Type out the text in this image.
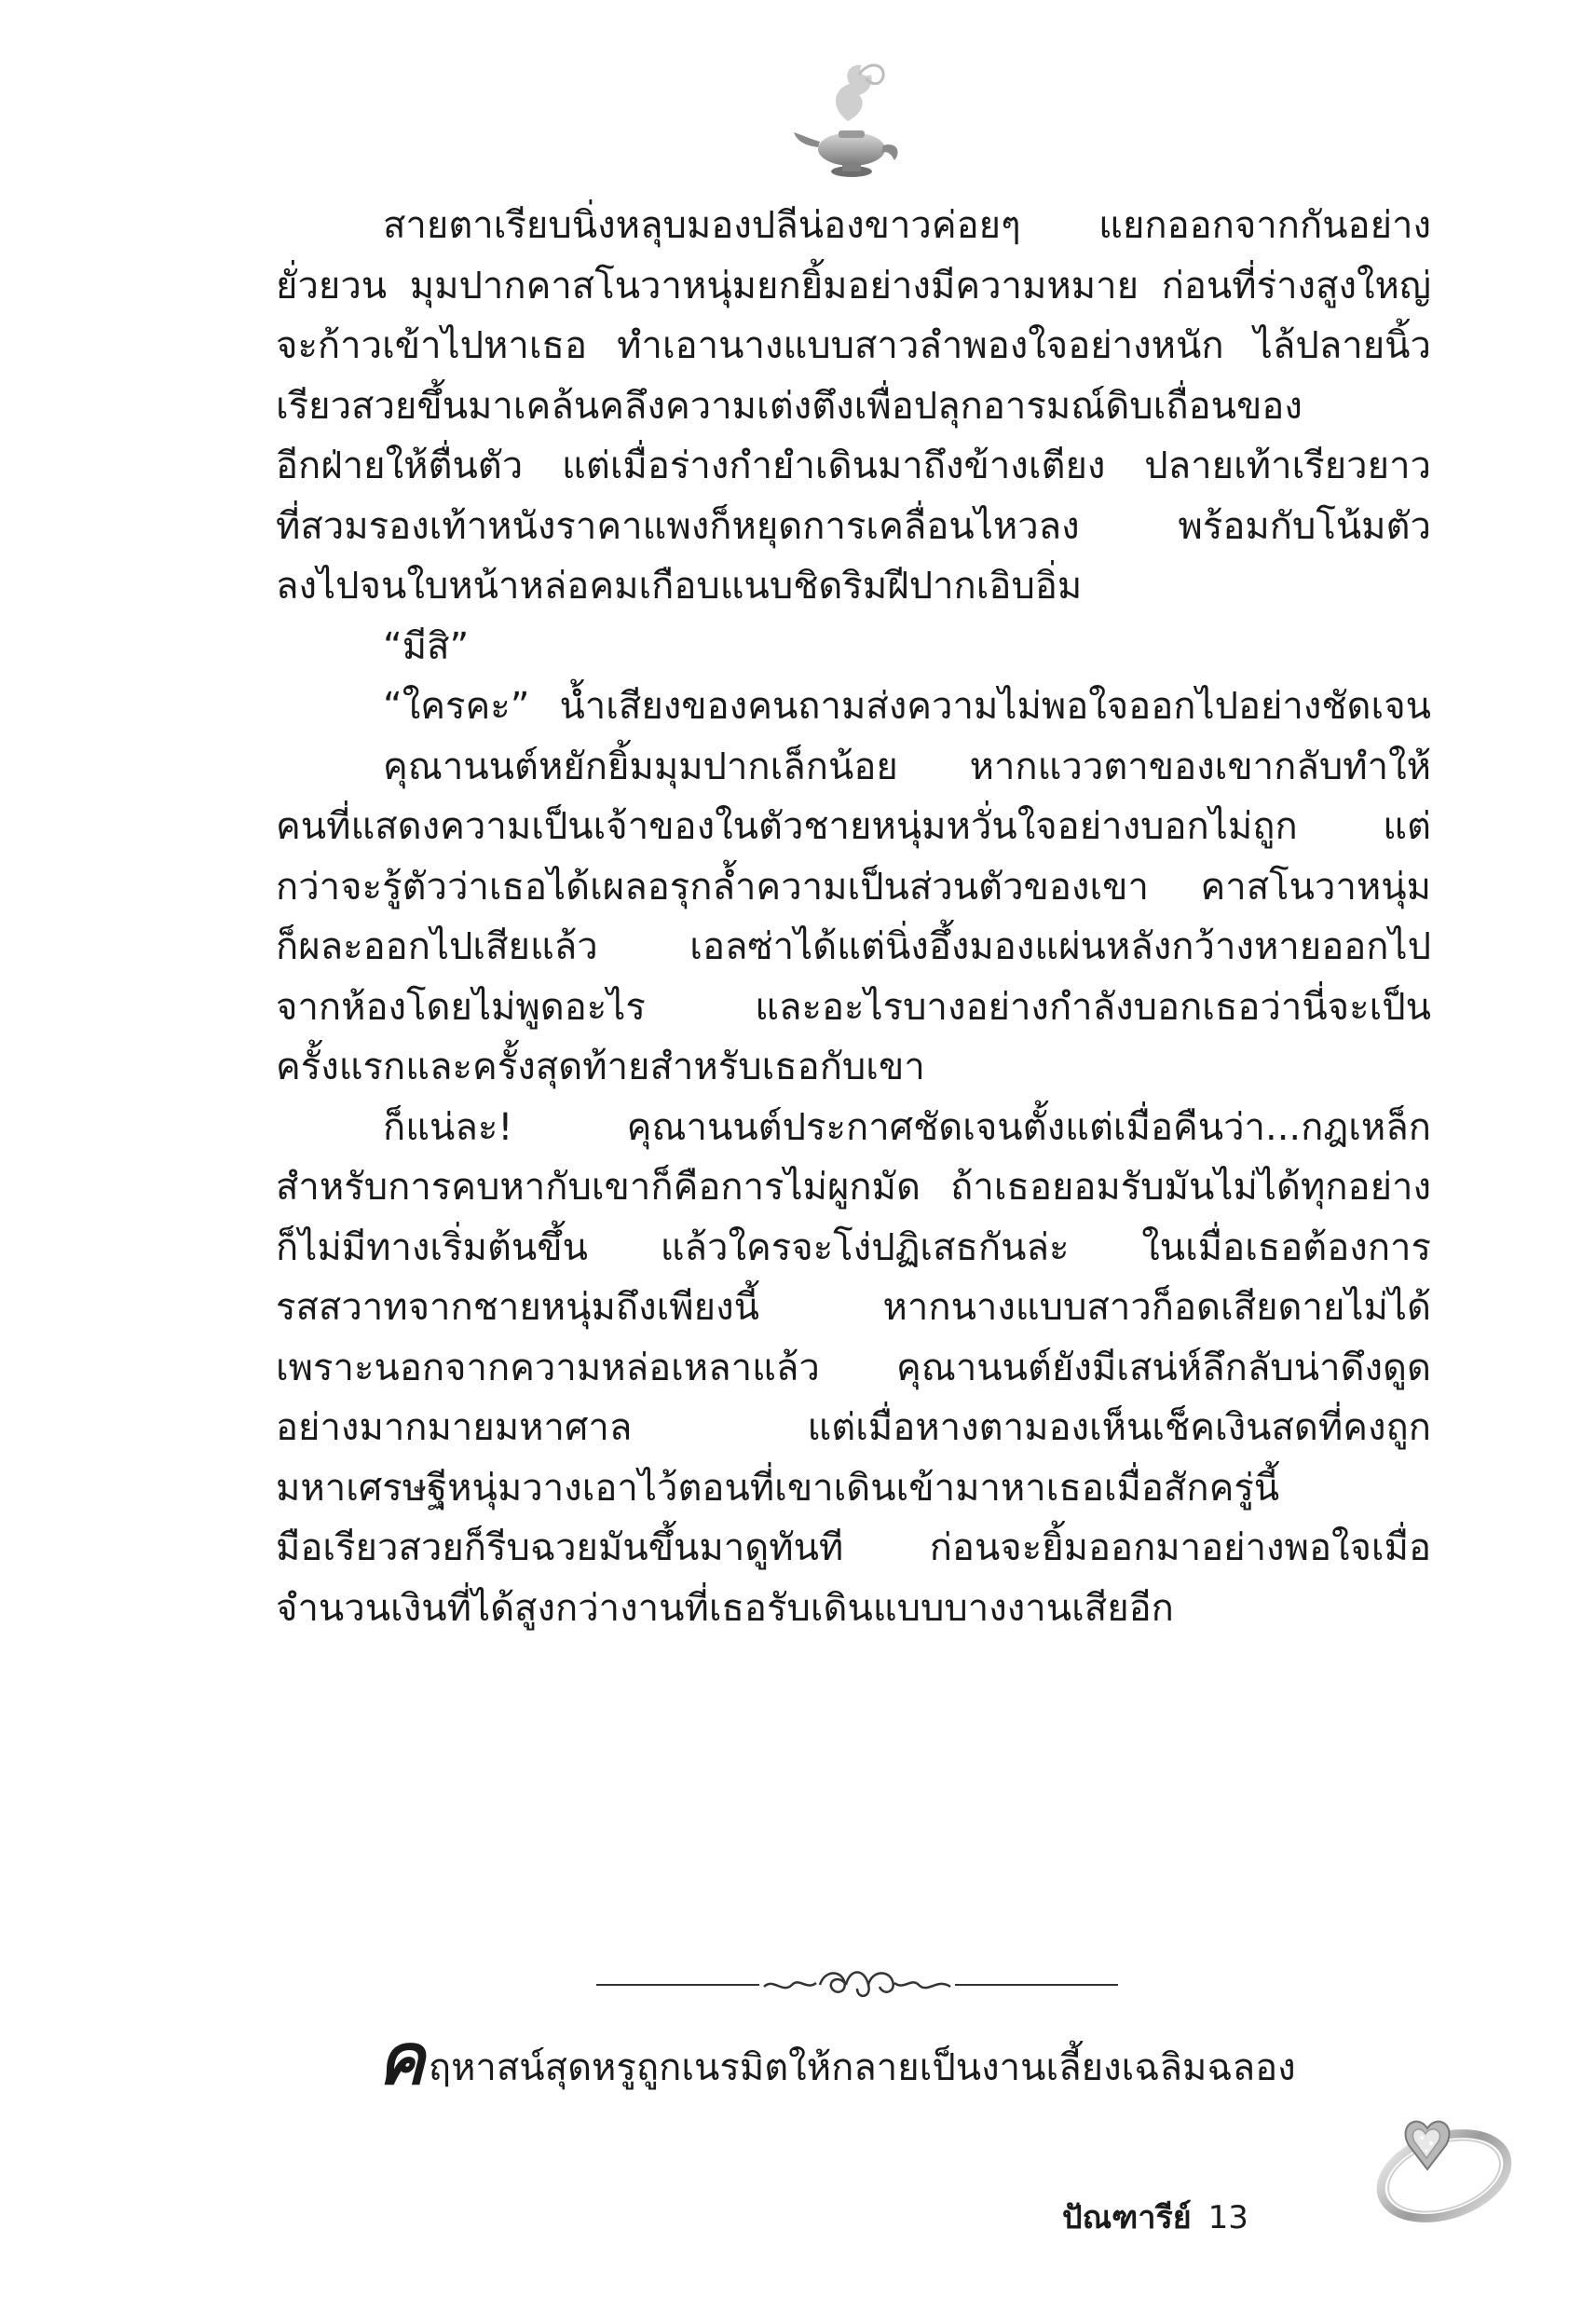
สายตาเรียบนิ่งหลุบมองปลีน่องขาวค่อยๆ แยกออกจากกันอย่าง
ยั่วยวน มุมปากคาสโนวาหนุ่มยกยิ้มอย่างมีความหมาย ก่อนที่ร่างสูงใหญ่
จะก้าวเข้าไปหาเธอ ทำเอานางแบบสาวลำพองใจอย่างหนัก ไล้ปลายนิ้ว
เรียวสวยขึ้นมาเคล้นคลึงความเต่งตึงเพื่อปลุกอารมณ์ดิบเถื่อนของ
อีกฝ่ายให้ตื่นตัว แต่เมื่อร่างกำยำเดินมาถึงข้างเตียง ปลายเท้าเรียวยาว
ที่สวมรองเท้าหนังราคาแพงก็หยุดการเคลื่อนไหวลง พร้อมกับโน้มตัว
ลงไปจนใบหน้าหล่อคมเกือบแนบชิดริมฝีปากเอิบอิ่ม
“มีสิ”
“ใครคะ” น้ำเสียงของคนถามส่งความไม่พอใจออกไปอย่างชัดเจน
คุณานนต์หยักยิ้มมุมปากเล็กน้อย หากแววตาของเขากลับทำให้
คนที่แสดงความเป็นเจ้าของในตัวชายหนุ่มหวั่นใจอย่างบอกไม่ถูก แต่
กว่าจะรู้ตัวว่าเธอได้เผลอรุกล้ำความเป็นส่วนตัวของเขา คาสโนวาหนุ่ม
ก็ผละออกไปเสียแล้ว เอลซ่าได้แต่นิ่งอึ้งมองแผ่นหลังกว้างหายออกไป
จากห้องโดยไม่พูดอะไร และอะไรบางอย่างกำลังบอกเธอว่านี่จะเป็น
ครั้งแรกและครั้งสุดท้ายสำหรับเธอกับเขา
ก็แน่ละ! คุณานนต์ประกาศชัดเจนตั้งแต่เมื่อคืนว่า...กฎเหล็ก
สำหรับการคบหากับเขาก็คือการไม่ผูกมัด ถ้าเธอยอมรับมันไม่ได้ทุกอย่าง
ก็ไม่มีทางเริ่มต้นขึ้น แล้วใครจะโง่ปฏิเสธกันล่ะ ในเมื่อเธอต้องการ
รสสวาทจากชายหนุ่มถึงเพียงนี้ หากนางแบบสาวก็อดเสียดายไม่ได้
เพราะนอกจากความหล่อเหลาแล้ว คุณานนต์ยังมีเสน่ห์ลึกลับน่าดึงดูด
อย่างมากมายมหาศาล แต่เมื่อหางตามองเห็นเช็คเงินสดที่คงถูก
มหาเศรษฐีหนุ่มวางเอาไว้ตอนที่เขาเดินเข้ามาหาเธอเมื่อสักครู่นี้
มือเรียวสวยก็รีบฉวยมันขึ้นมาดูทันที ก่อนจะยิ้มออกมาอย่างพอใจเมื่อ
จำนวนเงินที่ได้สูงกว่างานที่เธอรับเดินแบบบางงานเสียอีก
คฤหาสน์สุดหรูถูกเนรมิตให้กลายเป็นงานเลี้ยงเฉลิมฉลอง
ปัณฑารีย์ 13
